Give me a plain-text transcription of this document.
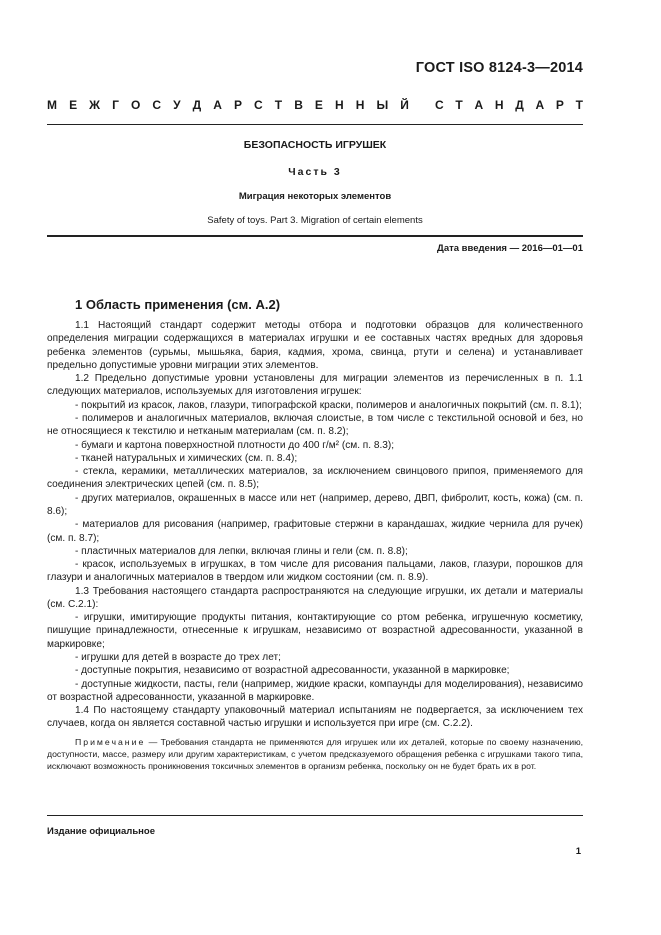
ГОСТ ISO 8124-3—2014
М Е Ж Г О С У Д А Р С Т В Е Н Н Ы Й С Т А Н Д А Р Т
БЕЗОПАСНОСТЬ ИГРУШЕК
Часть 3
Миграция некоторых элементов
Safety of toys. Part 3. Migration of certain elements
Дата введения — 2016—01—01
1 Область применения (см. А.2)

1.1 Настоящий стандарт содержит методы отбора и подготовки образцов для количественного определения миграции содержащихся в материалах игрушки и ее составных частях вредных для здоровья ребенка элементов (сурьмы, мышьяка, бария, кадмия, хрома, свинца, ртути и селена) и устанавливает предельно допустимые уровни миграции этих элементов.

1.2 Предельно допустимые уровни установлены для миграции элементов из перечисленных в п. 1.1 следующих материалов, используемых для изготовления игрушек:

- покрытий из красок, лаков, глазури, типографской краски, полимеров и аналогичных покрытий (см. п. 8.1);

- полимеров и аналогичных материалов, включая слоистые, в том числе с текстильной основой и без, но не относящиеся к текстилю и нетканым материалам (см. п. 8.2);

- бумаги и картона поверхностной плотности до 400 г/м² (см. п. 8.3);

- тканей натуральных и химических (см. п. 8.4);

- стекла, керамики, металлических материалов, за исключением свинцового припоя, применяемого для соединения электрических цепей (см. п. 8.5);

- других материалов, окрашенных в массе или нет (например, дерево, ДВП, фибролит, кость, кожа) (см. п. 8.6);

- материалов для рисования (например, графитовые стержни в карандашах, жидкие чернила для ручек) (см. п. 8.7);

- пластичных материалов для лепки, включая глины и гели (см. п. 8.8);

- красок, используемых в игрушках, в том числе для рисования пальцами, лаков, глазури, порошков для глазури и аналогичных материалов в твердом или жидком состоянии (см. п. 8.9).

1.3 Требования настоящего стандарта распространяются на следующие игрушки, их детали и материалы (см. С.2.1):

- игрушки, имитирующие продукты питания, контактирующие со ртом ребенка, игрушечную косметику, пишущие принадлежности, отнесенные к игрушкам, независимо от возрастной адресованности, указанной в маркировке;

- игрушки для детей в возрасте до трех лет;

- доступные покрытия, независимо от возрастной адресованности, указанной в маркировке;

- доступные жидкости, пасты, гели (например, жидкие краски, компаунды для моделирования), независимо от возрастной адресованности, указанной в маркировке.

1.4 По настоящему стандарту упаковочный материал испытаниям не подвергается, за исключением тех случаев, когда он является составной частью игрушки и используется при игре (см. С.2.2).

Примечание — Требования стандарта не применяются для игрушек или их деталей, которые по своему назначению, доступности, массе, размеру или другим характеристикам, с учетом предсказуемого обращения ребенка с игрушками такого типа, исключают возможность проникновения токсичных элементов в организм ребенка, поскольку он не будет брать их в рот.

Издание официальное
1
